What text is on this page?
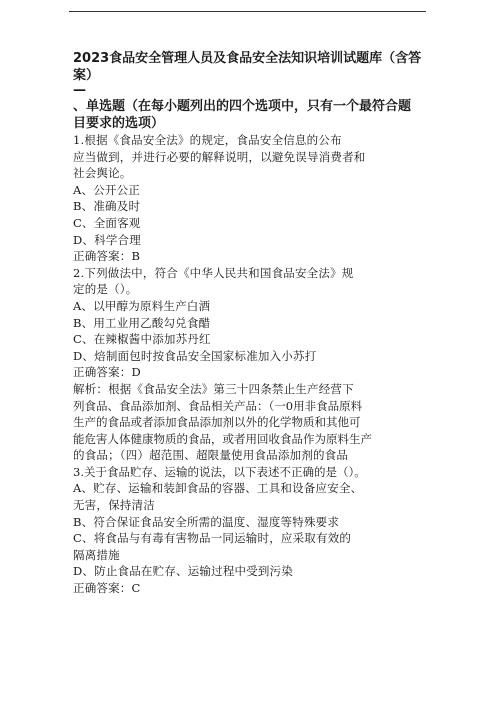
2023食品安全管理人员及食品安全法知识培训试题库（含答
案）
—
、单选题（在每小题列出的四个选项中，只有一个最符合题
目要求的选项）
1.根据《食品安全法》的规定，食品安全信息的公布
应当做到，并进行必要的解释说明，以避免误导消费者和
社会舆论。
A、公开公正
B、准确及时
C、全面客观
D、科学合理
正确答案：B
2.下列做法中，符合《中华人民共和国食品安全法》规
定的是（）。
A、以甲醇为原料生产白酒
B、用工业用乙酸勾兑食醋
C、在辣椒酱中添加苏丹红
D、焙制面包时按食品安全国家标准加入小苏打
正确答案：D
解析：根据《食品安全法》第三十四条禁止生产经营下
列食品、食品添加剂、食品相关产品：（一0用非食品原料
生产的食品或者添加食品添加剂以外的化学物质和其他可
能危害人体健康物质的食品，或者用回收食品作为原料生产
的食品；（四）超范围、超限量使用食品添加剂的食品
3.关于食品贮存、运输的说法，以下表述不正确的是（）。
A、贮存、运输和装卸食品的容器、工具和设备应安全、
无害，保持清洁
B、符合保证食品安全所需的温度、湿度等特殊要求
C、将食品与有毒有害物品一同运输时，应采取有效的
隔离措施
D、防止食品在贮存、运输过程中受到污染
正确答案：C
